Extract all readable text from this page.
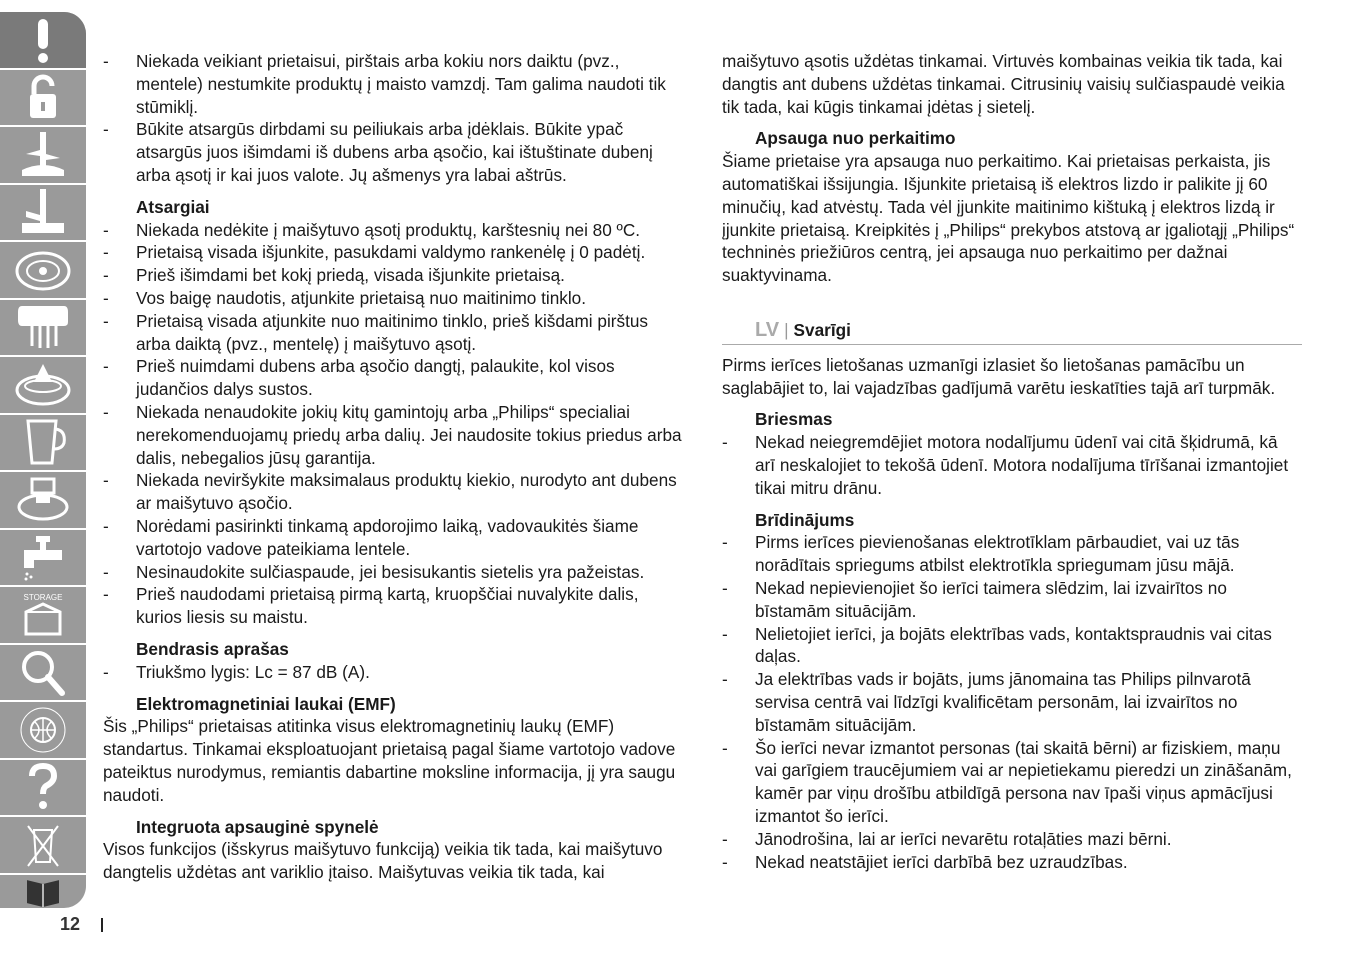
STORAGE
12
- Niekada veikiant prietaisui, pirštais arba kokiu nors daiktu (pvz., mentele) nestumkite produktų į maisto vamzdį. Tam galima naudoti tik stūmiklį.
- Būkite atsargūs dirbdami su peiliukais arba įdėklais. Būkite ypač atsargūs juos išimdami iš dubens arba ąsočio, kai ištuštinate dubenį arba ąsotį ir kai juos valote. Jų ašmenys yra labai aštrūs.
Atsargiai
- Niekada nedėkite į maišytuvo ąsotį produktų, karštesnių nei 80 ºC.
- Prietaisą visada išjunkite, pasukdami valdymo rankenėlę į 0 padėtį.
- Prieš išimdami bet kokį priedą, visada išjunkite prietaisą.
- Vos baigę naudotis, atjunkite prietaisą nuo maitinimo tinklo.
- Prietaisą visada atjunkite nuo maitinimo tinklo, prieš kišdami pirštus arba daiktą (pvz., mentelę) į maišytuvo ąsotį.
- Prieš nuimdami dubens arba ąsočio dangtį, palaukite, kol visos judančios dalys sustos.
- Niekada nenaudokite jokių kitų gamintojų arba „Philips“ specialiai nerekomenduojamų priedų arba dalių. Jei naudosite tokius priedus arba dalis, nebegalios jūsų garantija.
- Niekada neviršykite maksimalaus produktų kiekio, nurodyto ant dubens ar maišytuvo ąsočio.
- Norėdami pasirinkti tinkamą apdorojimo laiką, vadovaukitės šiame vartotojo vadove pateikiama lentele.
- Nesinaudokite sulčiaspaude, jei besisukantis sietelis yra pažeistas.
- Prieš naudodami prietaisą pirmą kartą, kruopščiai nuvalykite dalis, kurios liesis su maistu.
Bendrasis aprašas
- Triukšmo lygis: Lc = 87 dB (A).
Elektromagnetiniai laukai (EMF)

Šis „Philips“ prietaisas atitinka visus elektromagnetinių laukų (EMF) standartus. Tinkamai eksploatuojant prietaisą pagal šiame vartotojo vadove pateiktus nurodymus, remiantis dabartine moksline informacija, jį yra saugu naudoti.

Integruota apsauginė spynelė

Visos funkcijos (išskyrus maišytuvo funkciją) veikia tik tada, kai maišytuvo dangtelis uždėtas ant variklio įtaiso. Maišytuvas veikia tik tada, kai

maišytuvo ąsotis uždėtas tinkamai. Virtuvės kombainas veikia tik tada, kai dangtis ant dubens uždėtas tinkamai. Citrusinių vaisių sulčiaspaudė veikia tik tada, kai kūgis tinkamai įdėtas į sietelį.

Apsauga nuo perkaitimo

Šiame prietaise yra apsauga nuo perkaitimo. Kai prietaisas perkaista, jis automatiškai išsijungia. Išjunkite prietaisą iš elektros lizdo ir palikite jį 60 minučių, kad atvėstų. Tada vėl įjunkite maitinimo kištuką į elektros lizdą ir įjunkite prietaisą. Kreipkitės į „Philips“ prekybos atstovą ar įgaliotąjį „Philips“ techninės priežiūros centrą, jei apsauga nuo perkaitimo per dažnai suaktyvinama.

LV | Svarīgi

Pirms ierīces lietošanas uzmanīgi izlasiet šo lietošanas pamācību un saglabājiet to, lai vajadzības gadījumā varētu ieskatīties tajā arī turpmāk.

Briesmas
- Nekad neiegremdējiet motora nodalījumu ūdenī vai citā šķidrumā, kā arī neskalojiet to tekošā ūdenī. Motora nodalījuma tīrīšanai izmantojiet tikai mitru drānu.
Brīdinājums
- Pirms ierīces pievienošanas elektrotīklam pārbaudiet, vai uz tās norādītais spriegums atbilst elektrotīkla spriegumam jūsu mājā.
- Nekad nepievienojiet šo ierīci taimera slēdzim, lai izvairītos no bīstamām situācijām.
- Nelietojiet ierīci, ja bojāts elektrības vads, kontaktspraudnis vai citas daļas.
- Ja elektrības vads ir bojāts, jums jānomaina tas Philips pilnvarotā servisa centrā vai līdzīgi kvalificētam personām, lai izvairītos no bīstamām situācijām.
- Šo ierīci nevar izmantot personas (tai skaitā bērni) ar fiziskiem, maņu vai garīgiem traucējumiem vai ar nepietiekamu pieredzi un zināšanām, kamēr par viņu drošību atbildīgā persona nav īpaši viņus apmācījusi izmantot šo ierīci.
- Jānodrošina, lai ar ierīci nevarētu rotaļāties mazi bērni.
- Nekad neatstājiet ierīci darbībā bez uzraudzības.
